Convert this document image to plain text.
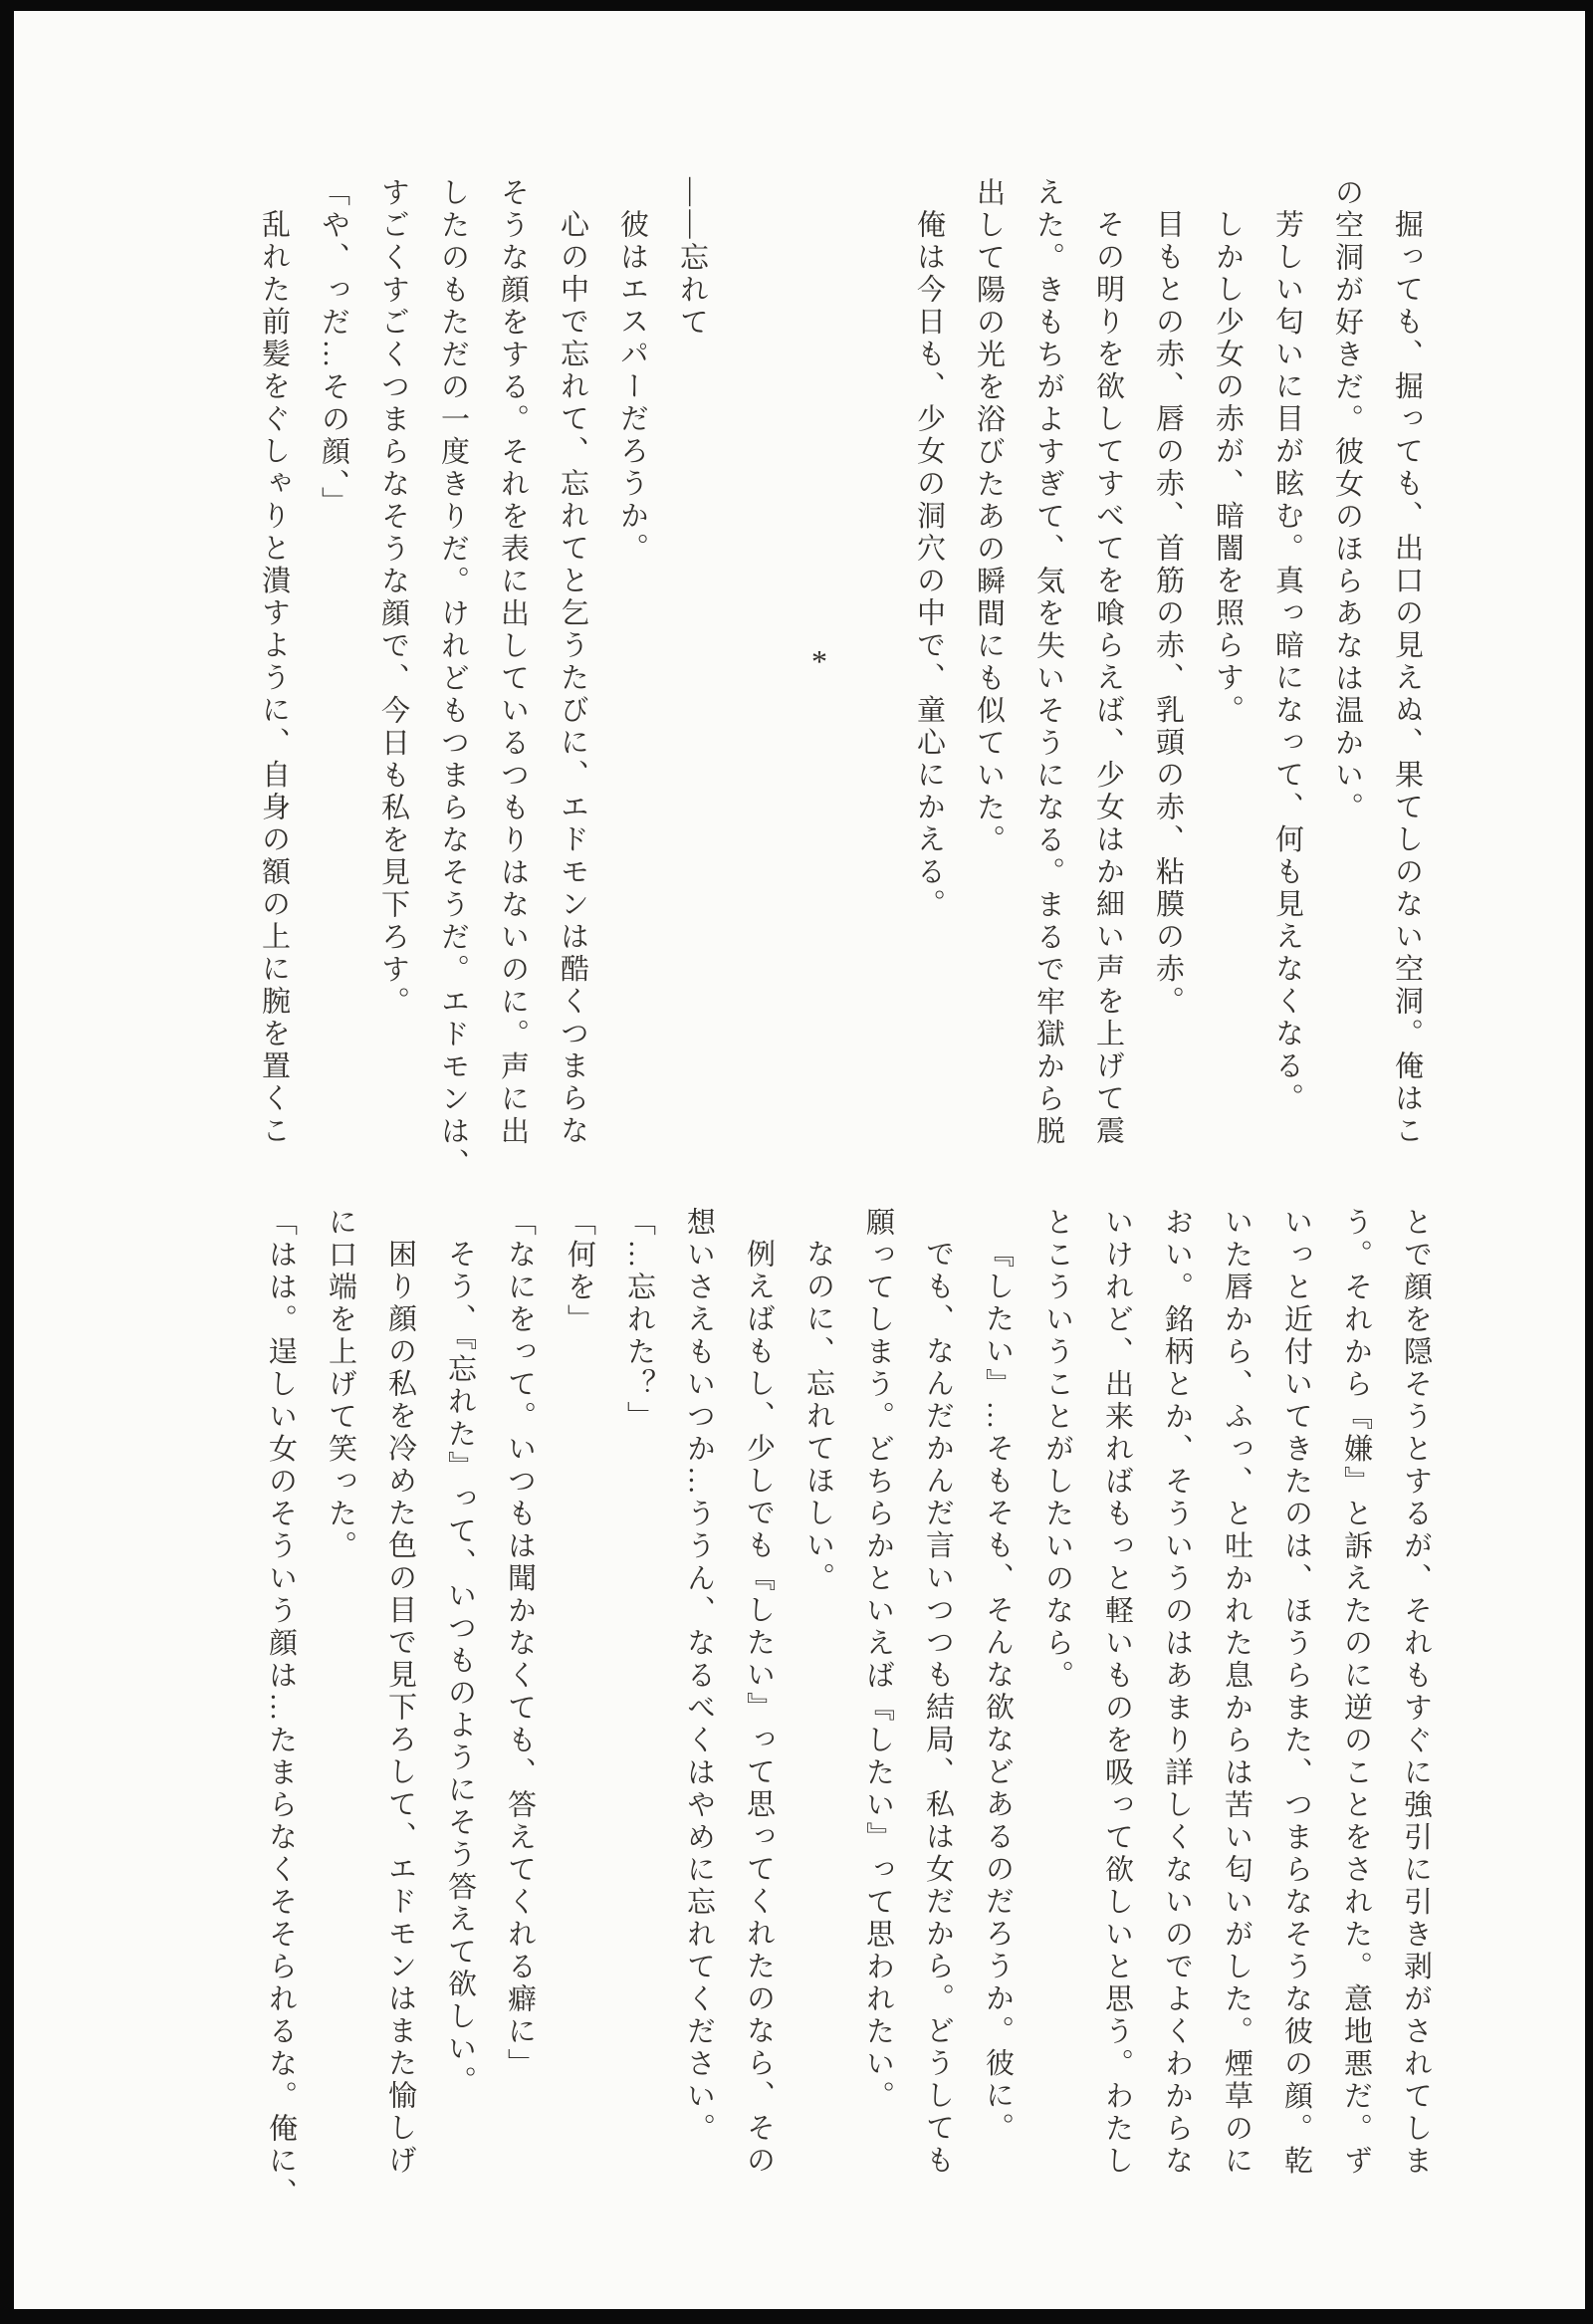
掘っても、掘っても、出口の見えぬ、果てしのない空洞。俺はこ
の空洞が好きだ。彼女のほらあなは温かい。
芳しい匂いに目が眩む。真っ暗になって、何も見えなくなる。
しかし少女の赤が、暗闇を照らす。
目もとの赤、唇の赤、首筋の赤、乳頭の赤、粘膜の赤。
その明りを欲してすべてを喰らえば、少女はか細い声を上げて震
えた。きもちがよすぎて、気を失いそうになる。まるで牢獄から脱
出して陽の光を浴びたあの瞬間にも似ていた。
俺は今日も、少女の洞穴の中で、童心にかえる。
――忘れて
彼はエスパーだろうか。
心の中で忘れて、忘れてと乞うたびに、エドモンは酷くつまらな
そうな顔をする。それを表に出しているつもりはないのに。声に出
したのもただの一度きりだ。けれどもつまらなそうだ。エドモンは、
すごくすごくつまらなそうな顔で、今日も私を見下ろす。
「や、っだ…その顔、」
乱れた前髪をぐしゃりと潰すように、自身の額の上に腕を置くこ	*
とで顔を隠そうとするが、それもすぐに強引に引き剥がされてしま
う。それから『嫌』と訴えたのに逆のことをされた。意地悪だ。ず
いっと近付いてきたのは、ほうらまた、つまらなそうな彼の顔。乾
いた唇から、ふっ、と吐かれた息からは苦い匂いがした。煙草のに
おい。銘柄とか、そういうのはあまり詳しくないのでよくわからな
いけれど、出来ればもっと軽いものを吸って欲しいと思う。わたし
とこういうことがしたいのなら。
『したい』…そもそも、そんな欲などあるのだろうか。彼に。
でも、なんだかんだ言いつつも結局、私は女だから。どうしても
願ってしまう。どちらかといえば『したい』って思われたい。
なのに、忘れてほしい。
例えばもし、少しでも『したい』って思ってくれたのなら、その
想いさえもいつか…ううん、なるべくはやめに忘れてください。
「…忘れた？」
「何を」
「なにをって。いつもは聞かなくても、答えてくれる癖に」
そう、『忘れた』って、いつものようにそう答えて欲しい。
困り顔の私を冷めた色の目で見下ろして、エドモンはまた愉しげ
に口端を上げて笑った。
「はは。逞しい女のそういう顔は…たまらなくそそられるな。俺に、
